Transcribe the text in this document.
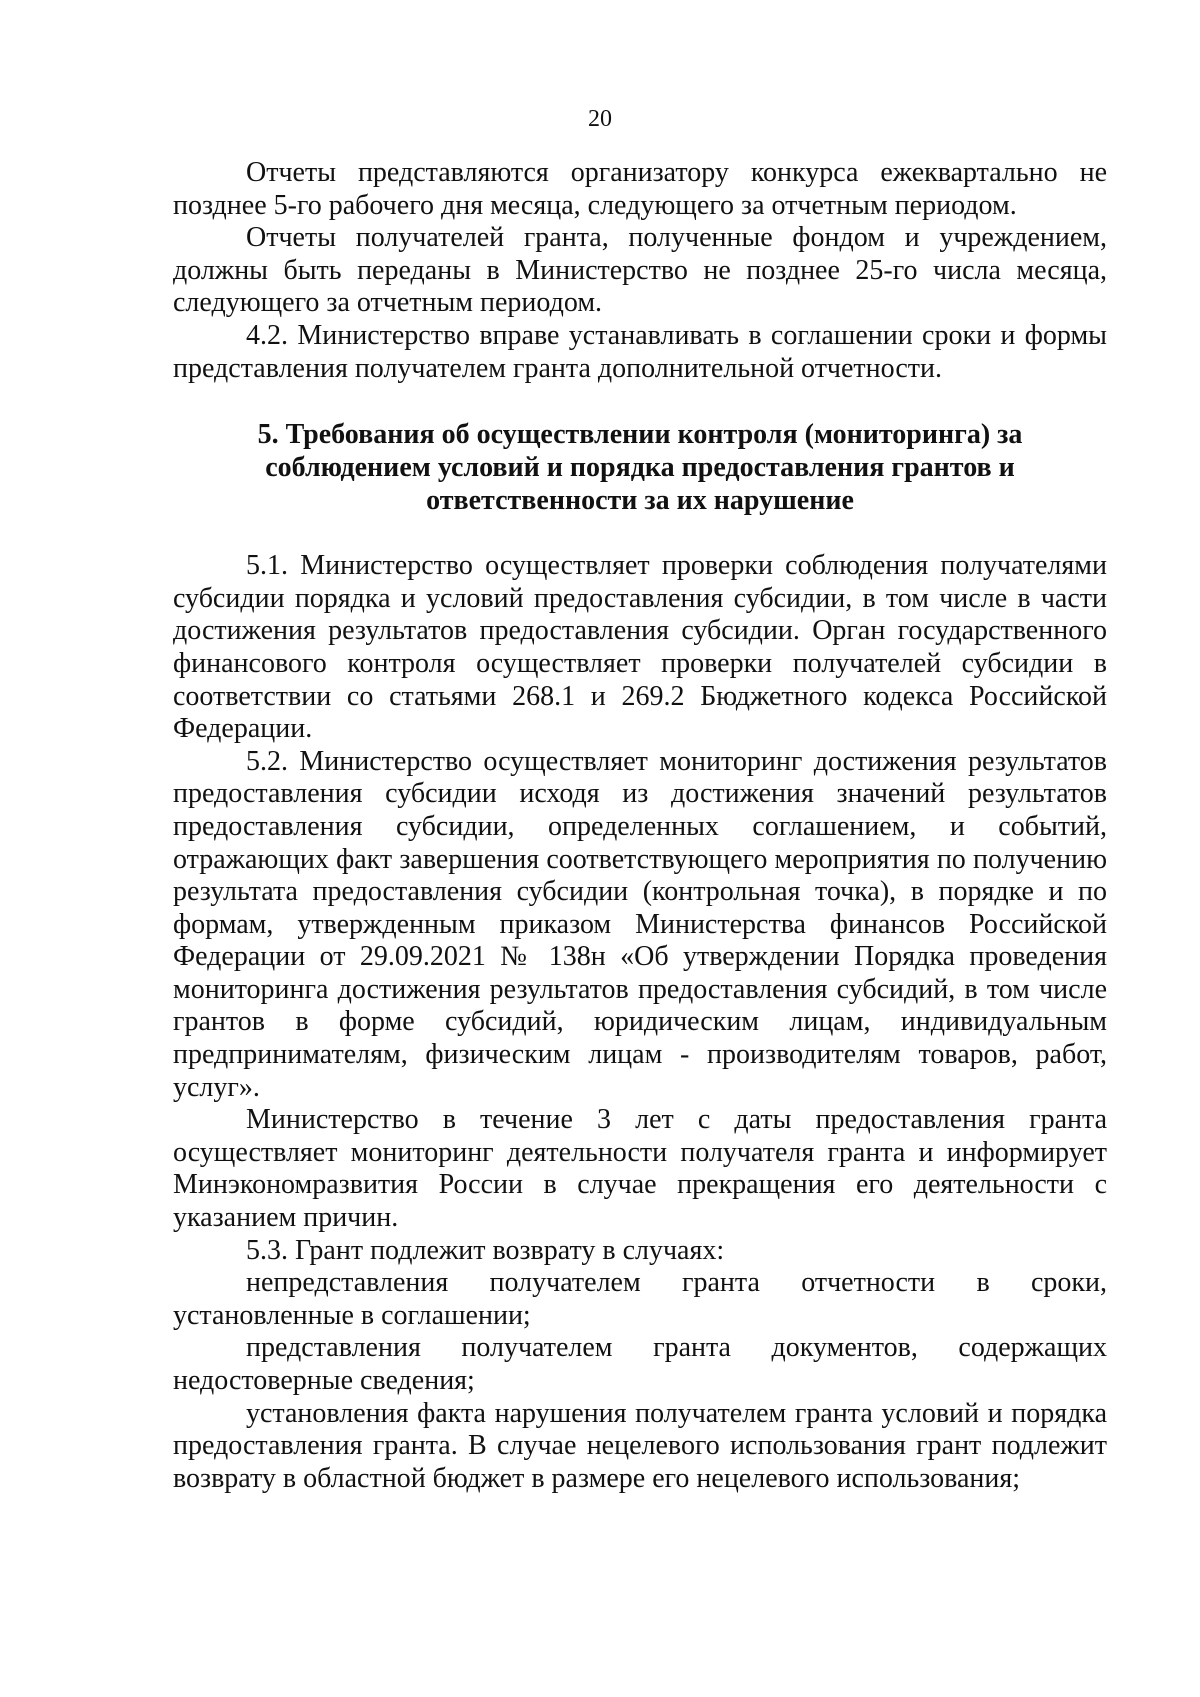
20

Отчеты представляются организатору конкурса ежеквартально не позднее 5-го рабочего дня месяца, следующего за отчетным периодом.

Отчеты получателей гранта, полученные фондом и учреждением, должны быть переданы в Министерство не позднее 25-го числа месяца, следующего за отчетным периодом.

4.2. Министерство вправе устанавливать в соглашении сроки и формы представления получателем гранта дополнительной отчетности.

5. Требования об осуществлении контроля (мониторинга) за
соблюдением условий и порядка предоставления грантов и
ответственности за их нарушение

5.1. Министерство осуществляет проверки соблюдения получателями субсидии порядка и условий предоставления субсидии, в том числе в части достижения результатов предоставления субсидии. Орган государственного финансового контроля осуществляет проверки получателей субсидии в соответствии со статьями 268.1 и 269.2 Бюджетного кодекса Российской Федерации.

5.2. Министерство осуществляет мониторинг достижения результатов предоставления субсидии исходя из достижения значений результатов предоставления субсидии, определенных соглашением, и событий, отражающих факт завершения соответствующего мероприятия по получению результата предоставления субсидии (контрольная точка), в порядке и по формам, утвержденным приказом Министерства финансов Российской Федерации от 29.09.2021 № 138н «Об утверждении Порядка проведения мониторинга достижения результатов предоставления субсидий, в том числе грантов в форме субсидий, юридическим лицам, индивидуальным предпринимателям, физическим лицам - производителям товаров, работ, услуг».

Министерство в течение 3 лет с даты предоставления гранта осуществляет мониторинг деятельности получателя гранта и информирует Минэкономразвития России в случае прекращения его деятельности с указанием причин.

5.3. Грант подлежит возврату в случаях:

непредставления получателем гранта отчетности в сроки, установленные в соглашении;

представления получателем гранта документов, содержащих недостоверные сведения;

установления факта нарушения получателем гранта условий и порядка предоставления гранта. В случае нецелевого использования грант подлежит возврату в областной бюджет в размере его нецелевого использования;
